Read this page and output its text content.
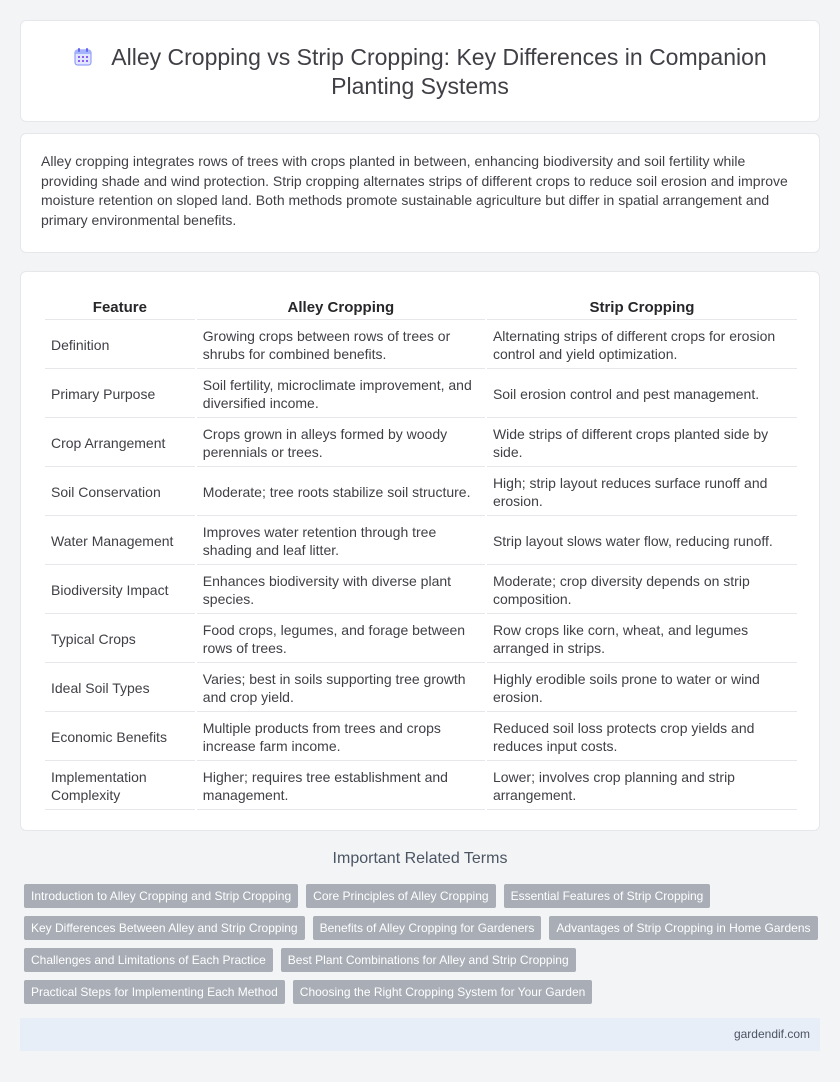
Alley Cropping vs Strip Cropping: Key Differences in Companion Planting Systems

Alley cropping integrates rows of trees with crops planted in between, enhancing biodiversity and soil fertility while providing shade and wind protection. Strip cropping alternates strips of different crops to reduce soil erosion and improve moisture retention on sloped land. Both methods promote sustainable agriculture but differ in spatial arrangement and primary environmental benefits.

Feature	Alley Cropping	Strip Cropping
Definition	Growing crops between rows of trees or shrubs for combined benefits.	Alternating strips of different crops for erosion control and yield optimization.
Primary Purpose	Soil fertility, microclimate improvement, and diversified income.	Soil erosion control and pest management.
Crop Arrangement	Crops grown in alleys formed by woody perennials or trees.	Wide strips of different crops planted side by side.
Soil Conservation	Moderate; tree roots stabilize soil structure.	High; strip layout reduces surface runoff and erosion.
Water Management	Improves water retention through tree shading and leaf litter.	Strip layout slows water flow, reducing runoff.
Biodiversity Impact	Enhances biodiversity with diverse plant species.	Moderate; crop diversity depends on strip composition.
Typical Crops	Food crops, legumes, and forage between rows of trees.	Row crops like corn, wheat, and legumes arranged in strips.
Ideal Soil Types	Varies; best in soils supporting tree growth and crop yield.	Highly erodible soils prone to water or wind erosion.
Economic Benefits	Multiple products from trees and crops increase farm income.	Reduced soil loss protects crop yields and reduces input costs.
Implementation Complexity	Higher; requires tree establishment and management.	Lower; involves crop planning and strip arrangement.
Important Related Terms
Introduction to Alley Cropping and Strip Cropping	Core Principles of Alley Cropping	Essential Features of Strip Cropping
Key Differences Between Alley and Strip Cropping	Benefits of Alley Cropping for Gardeners	Advantages of Strip Cropping in Home Gardens
Challenges and Limitations of Each Practice	Best Plant Combinations for Alley and Strip Cropping
Practical Steps for Implementing Each Method	Choosing the Right Cropping System for Your Garden
gardendif.com
